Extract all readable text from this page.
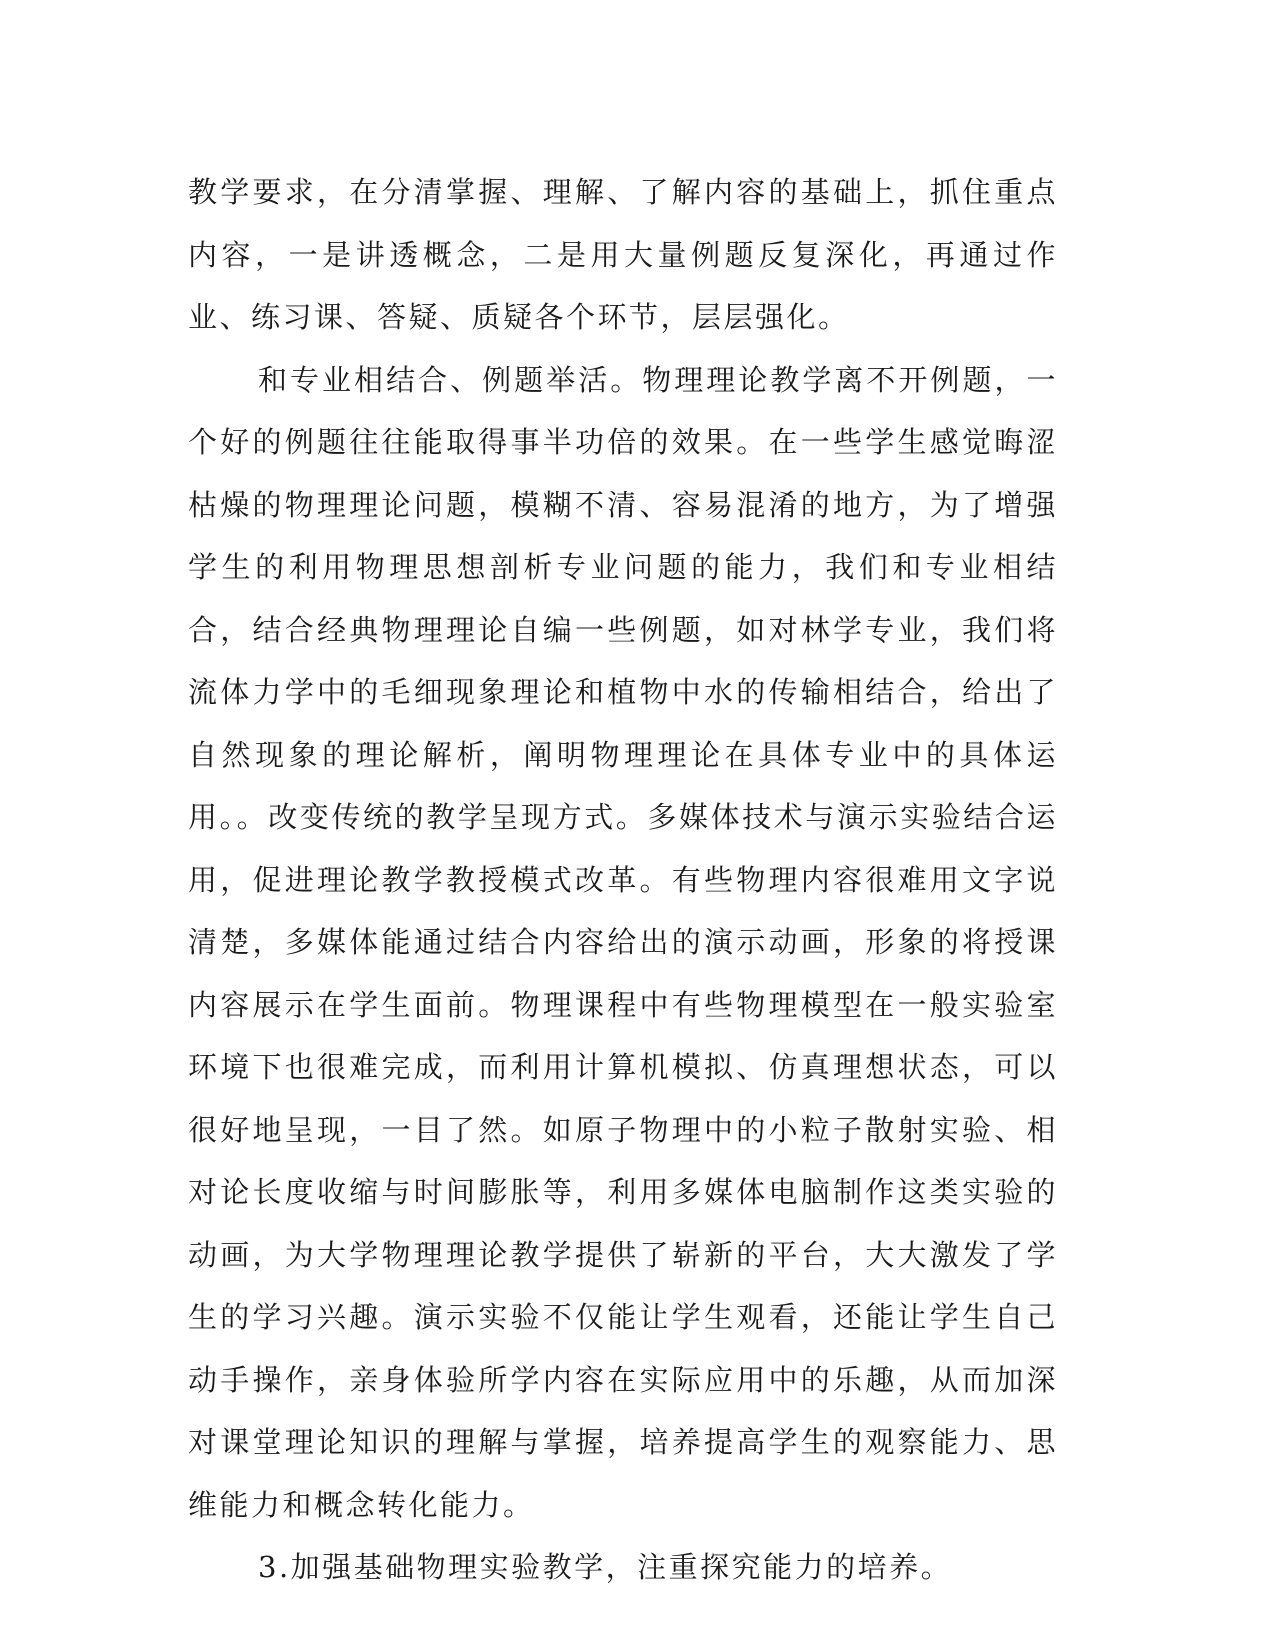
教学要求，在分清掌握、理解、了解内容的基础上，抓住重点内容，一是讲透概念，二是用大量例题反复深化，再通过作业、练习课、答疑、质疑各个环节，层层强化。

和专业相结合、例题举活。物理理论教学离不开例题，一个好的例题往往能取得事半功倍的效果。在一些学生感觉晦涩枯燥的物理理论问题，模糊不清、容易混淆的地方，为了增强学生的利用物理思想剖析专业问题的能力，我们和专业相结合，结合经典物理理论自编一些例题，如对林学专业，我们将流体力学中的毛细现象理论和植物中水的传输相结合，给出了自然现象的理论解析，阐明物理理论在具体专业中的具体运用。。改变传统的教学呈现方式。多媒体技术与演示实验结合运用，促进理论教学教授模式改革。有些物理内容很难用文字说清楚，多媒体能通过结合内容给出的演示动画，形象的将授课内容展示在学生面前。物理课程中有些物理模型在一般实验室环境下也很难完成，而利用计算机模拟、仿真理想状态，可以很好地呈现，一目了然。如原子物理中的小粒子散射实验、相对论长度收缩与时间膨胀等，利用多媒体电脑制作这类实验的动画，为大学物理理论教学提供了崭新的平台，大大激发了学生的学习兴趣。演示实验不仅能让学生观看，还能让学生自己动手操作，亲身体验所学内容在实际应用中的乐趣，从而加深对课堂理论知识的理解与掌握，培养提高学生的观察能力、思维能力和概念转化能力。

3.加强基础物理实验教学，注重探究能力的培养。
